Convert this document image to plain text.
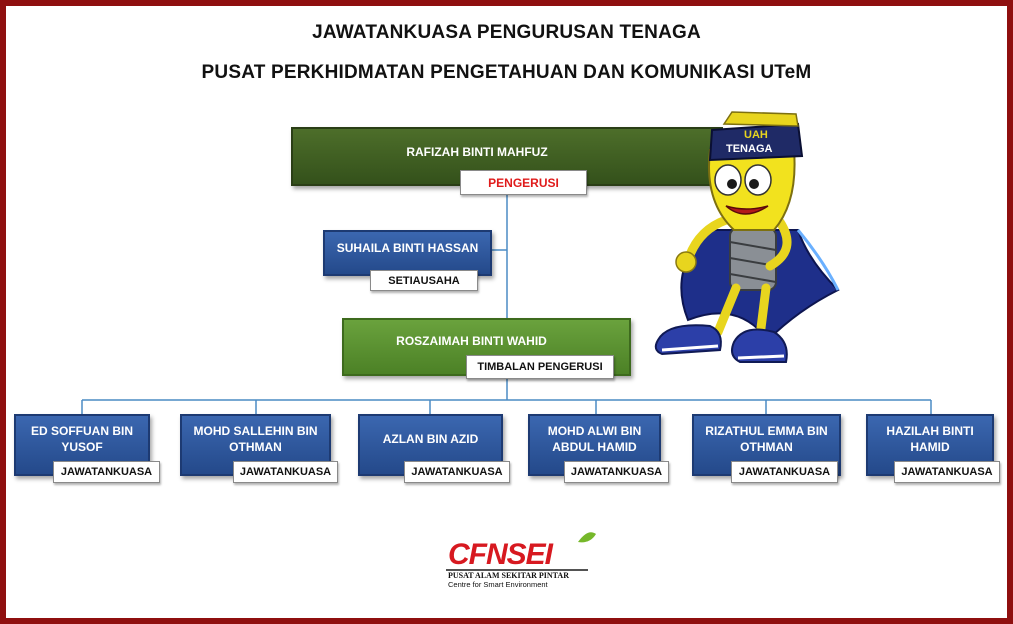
JAWATANKUASA PENGURUSAN TENAGA
PUSAT PERKHIDMATAN PENGETAHUAN DAN KOMUNIKASI UTeM
RAFIZAH BINTI MAHFUZ
PENGERUSI
SUHAILA BINTI HASSAN
SETIAUSAHA
ROSZAIMAH BINTI WAHID
TIMBALAN PENGERUSI
ED SOFFUAN BIN YUSOF
JAWATANKUASA
MOHD SALLEHIN BIN OTHMAN
JAWATANKUASA
AZLAN BIN AZID
JAWATANKUASA
MOHD ALWI BIN ABDUL HAMID
JAWATANKUASA
RIZATHUL EMMA BIN OTHMAN
JAWATANKUASA
HAZILAH BINTI HAMID
JAWATANKUASA
UAH
TENAGA
CFNSEI
PUSAT ALAM SEKITAR PINTAR
Centre for Smart Environment
